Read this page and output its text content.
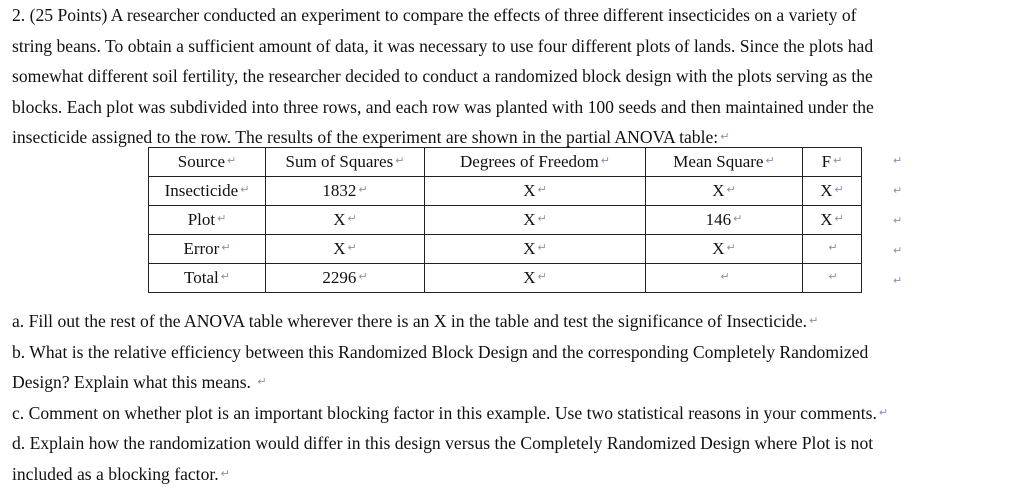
2. (25 Points) A researcher conducted an experiment to compare the effects of three different insecticides on a variety of
string beans. To obtain a sufficient amount of data, it was necessary to use four different plots of lands. Since the plots had
somewhat different soil fertility, the researcher decided to conduct a randomized block design with the plots serving as the
blocks. Each plot was subdivided into three rows, and each row was planted with 100 seeds and then maintained under the
insecticide assigned to the row. The results of the experiment are shown in the partial ANOVA table: ↵
Source ↵	Sum of Squares ↵	Degrees of Freedom ↵	Mean Square ↵	F ↵
Insecticide ↵	1832 ↵	X ↵	X ↵	X ↵
Plot ↵	X ↵	X ↵	146 ↵	X ↵
Error ↵	X ↵	X ↵	X ↵	↵
Total ↵	2296 ↵	X ↵	↵	↵
↵
↵
↵
↵
↵
a. Fill out the rest of the ANOVA table wherever there is an X in the table and test the significance of Insecticide. ↵
b. What is the relative efficiency between this Randomized Block Design and the corresponding Completely Randomized
Design? Explain what this means. ↵
c. Comment on whether plot is an important blocking factor in this example. Use two statistical reasons in your comments. ↵
d. Explain how the randomization would differ in this design versus the Completely Randomized Design where Plot is not
included as a blocking factor. ↵
